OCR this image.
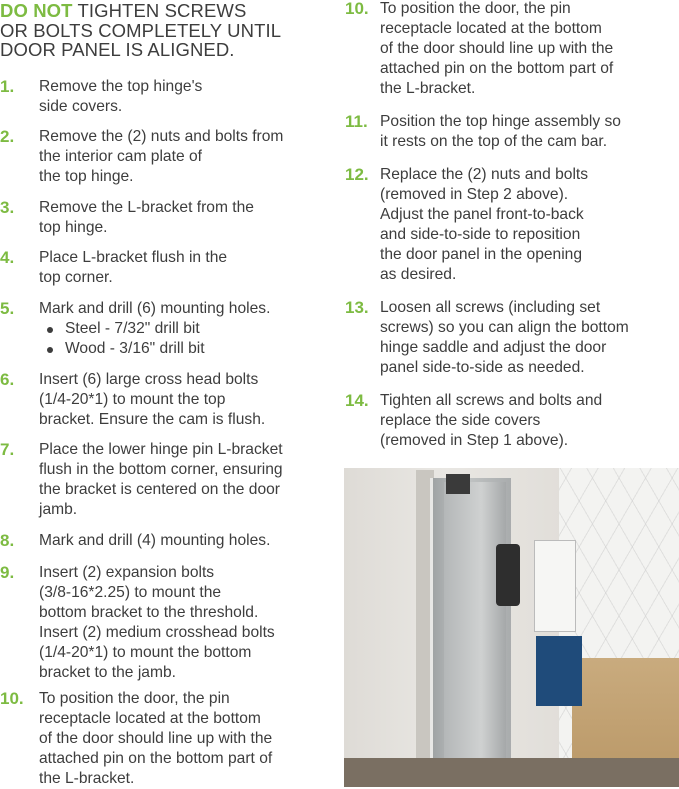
DO NOT TIGHTEN SCREWS
OR BOLTS COMPLETELY UNTIL
DOOR PANEL IS ALIGNED.
1. Remove the top hinge's
side covers.
2. Remove the (2) nuts and bolts from
the interior cam plate of
the top hinge.
3. Remove the L-bracket from the
top hinge.
4. Place L-bracket flush in the
top corner.
5. Mark and drill (6) mounting holes.
Steel - 7/32" drill bit
Wood - 3/16" drill bit
6. Insert (6) large cross head bolts
(1/4-20*1) to mount the top
bracket. Ensure the cam is flush.
7. Place the lower hinge pin L-bracket
flush in the bottom corner, ensuring
the bracket is centered on the door
jamb.
8. Mark and drill (4) mounting holes.
9. Insert (2) expansion bolts
(3/8-16*2.25) to mount the
bottom bracket to the threshold.
Insert (2) medium crosshead bolts
(1/4-20*1) to mount the bottom
bracket to the jamb.
10. To position the door, the pin
receptacle located at the bottom
of the door should line up with the
attached pin on the bottom part of
the L-bracket.
10. To position the door, the pin
receptacle located at the bottom
of the door should line up with the
attached pin on the bottom part of
the L-bracket.
11. Position the top hinge assembly so
it rests on the top of the cam bar.
12. Replace the (2) nuts and bolts
(removed in Step 2 above).
Adjust the panel front-to-back
and side-to-side to reposition
the door panel in the opening
as desired.
13. Loosen all screws (including set
screws) so you can align the bottom
hinge saddle and adjust the door
panel side-to-side as needed.
14. Tighten all screws and bolts and
replace the side covers
(removed in Step 1 above).
